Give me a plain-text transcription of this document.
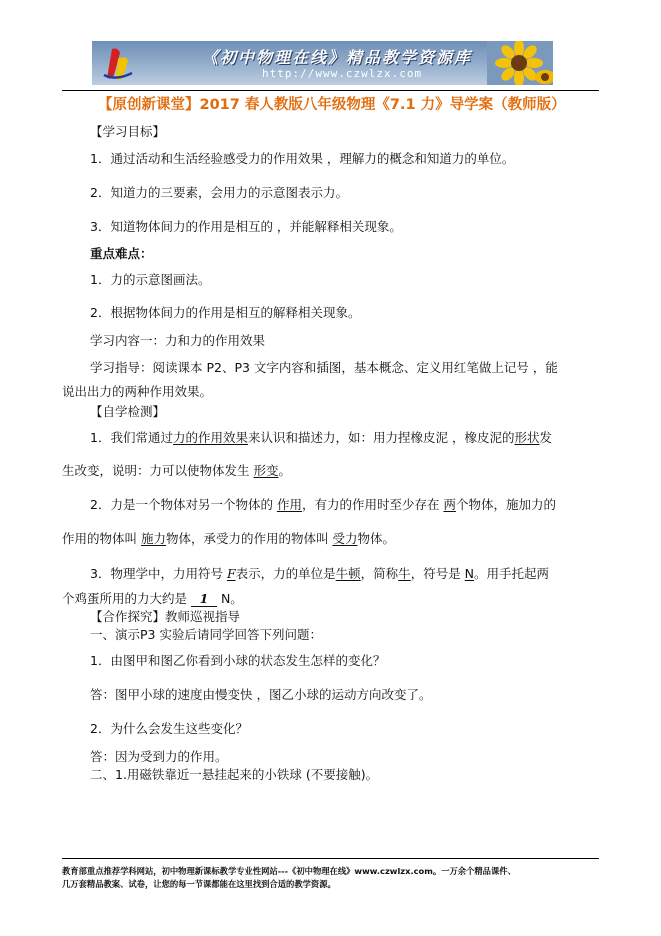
《初中物理在线》精品教学资源库
http://www.czwlzx.com
【原创新课堂】2017 春人教版八年级物理《7.1 力》导学案（教师版）
【学习目标】
1．通过活动和生活经验感受力的作用效果 ，理解力的概念和知道力的单位。
2．知道力的三要素，会用力的示意图表示力。
3．知道物体间力的作用是相互的 ，并能解释相关现象。
重点难点：
1．力的示意图画法。
2．根据物体间力的作用是相互的解释相关现象。
学习内容一：力和力的作用效果
学习指导：阅读课本 P2、P3 文字内容和插图，基本概念、定义用红笔做上记号 ，能
说出出力的两种作用效果。
【自学检测】
1．我们常通过力的作用效果来认识和描述力，如：用力捏橡皮泥 ，橡皮泥的形状发
生改变，说明：力可以使物体发生 形变。
2．力是一个物体对另一个物体的 作用，有力的作用时至少存在 两个物体，施加力的
作用的物体叫 施力物体，承受力的作用的物体叫 受力物体。
3．物理学中，力用符号 F表示，力的单位是牛顿，简称牛，符号是 N。用手托起两
个鸡蛋所用的力大约是 1 N。
【合作探究】教师巡视指导
一、演示P3 实验后请同学回答下列问题：
1．由图甲和图乙你看到小球的状态发生怎样的变化？
答：图甲小球的速度由慢变快 ，图乙小球的运动方向改变了。
2．为什么会发生这些变化？
答：因为受到力的作用。
二、1.用磁铁靠近一悬挂起来的小铁球 (不要接触)。
教育部重点推荐学科网站，初中物理新课标教学专业性网站---《初中物理在线》www.czwlzx.com。一万余个精品课件、
几万套精品教案、试卷，让您的每一节课都能在这里找到合适的教学资源。
